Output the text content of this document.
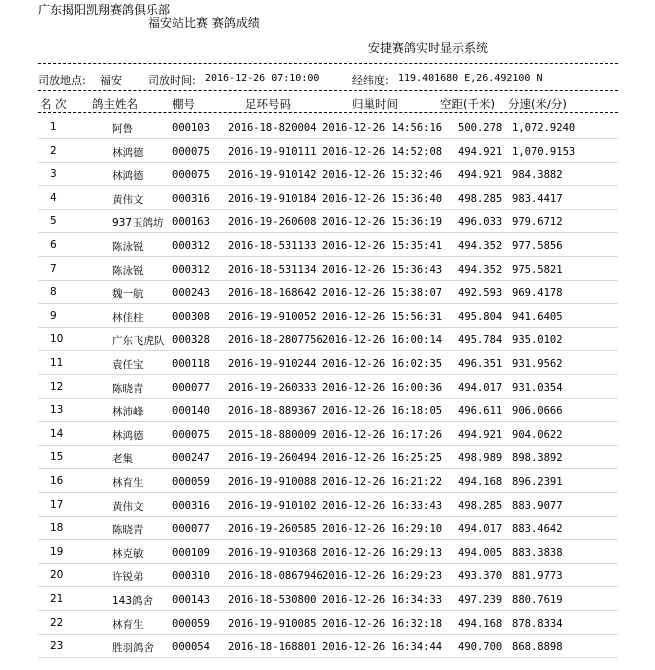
广东揭阳凯翔赛鸽俱乐部
福安站比赛 赛鸽成绩
安捷赛鸽实时显示系统
司放地点: 福安 司放时间: 2016-12-26 07:10:00	经纬度: 119.401680 E,26.492100 N
名 次 鸽主姓名	棚号	足环号码	归巢时间	空距(千米) 分速(米/分)
1	阿鲁	000103 2016-18-820004 2016-12-26 14:56:16 500.278 1,072.9240
2	林鸿德	000075 2016-19-910111 2016-12-26 14:52:08 494.921 1,070.9153
3	林鸿德	000075 2016-19-910142 2016-12-26 15:32:46 494.921 984.3882
4	黄伟文	000316 2016-19-910184 2016-12-26 15:36:40 498.285 983.4417
5	937玉鸽坊 000163 2016-19-260608 2016-12-26 15:36:19 496.033 979.6712
6	陈泳锐	000312 2016-18-531133 2016-12-26 15:35:41 494.352 977.5856
7	陈泳锐	000312 2016-18-531134 2016-12-26 15:36:43 494.352 975.5821
8	魏一航	000243 2016-18-168642 2016-12-26 15:38:07 492.593 969.4178
9	林佳柱	000308 2016-19-910052 2016-12-26 15:56:31 495.804 941.6405
10	广东飞虎队 000328 2016-18-2807756 2016-12-26 16:00:14 495.784 935.0102
11	袁任宝	000118 2016-19-910244 2016-12-26 16:02:35 496.351 931.9562
12	陈晓青	000077 2016-19-260333 2016-12-26 16:00:36 494.017 931.0354
13	林沛峰	000140 2016-18-889367 2016-12-26 16:18:05 496.611 906.0666
14	林鸿德	000075 2015-18-880009 2016-12-26 16:17:26 494.921 904.0622
15	老集	000247 2016-19-260494 2016-12-26 16:25:25 498.989 898.3892
16	林育生	000059 2016-19-910088 2016-12-26 16:21:22 494.168 896.2391
17	黄伟文	000316 2016-19-910102 2016-12-26 16:33:43 498.285 883.9077
18	陈晓青	000077 2016-19-260585 2016-12-26 16:29:10 494.017 883.4642
19	林克敏	000109 2016-19-910368 2016-12-26 16:29:13 494.005 883.3838
20	许锐弟	000310 2016-18-0867946 2016-12-26 16:29:23 493.370 881.9773
21	143鸽舍 000143 2016-18-530800 2016-12-26 16:34:33 497.239 880.7619
22	林育生	000059 2016-19-910085 2016-12-26 16:32:18 494.168 878.8334
23	胜羽鸽舍 000054 2016-18-168801 2016-12-26 16:34:44 490.700 868.8898
